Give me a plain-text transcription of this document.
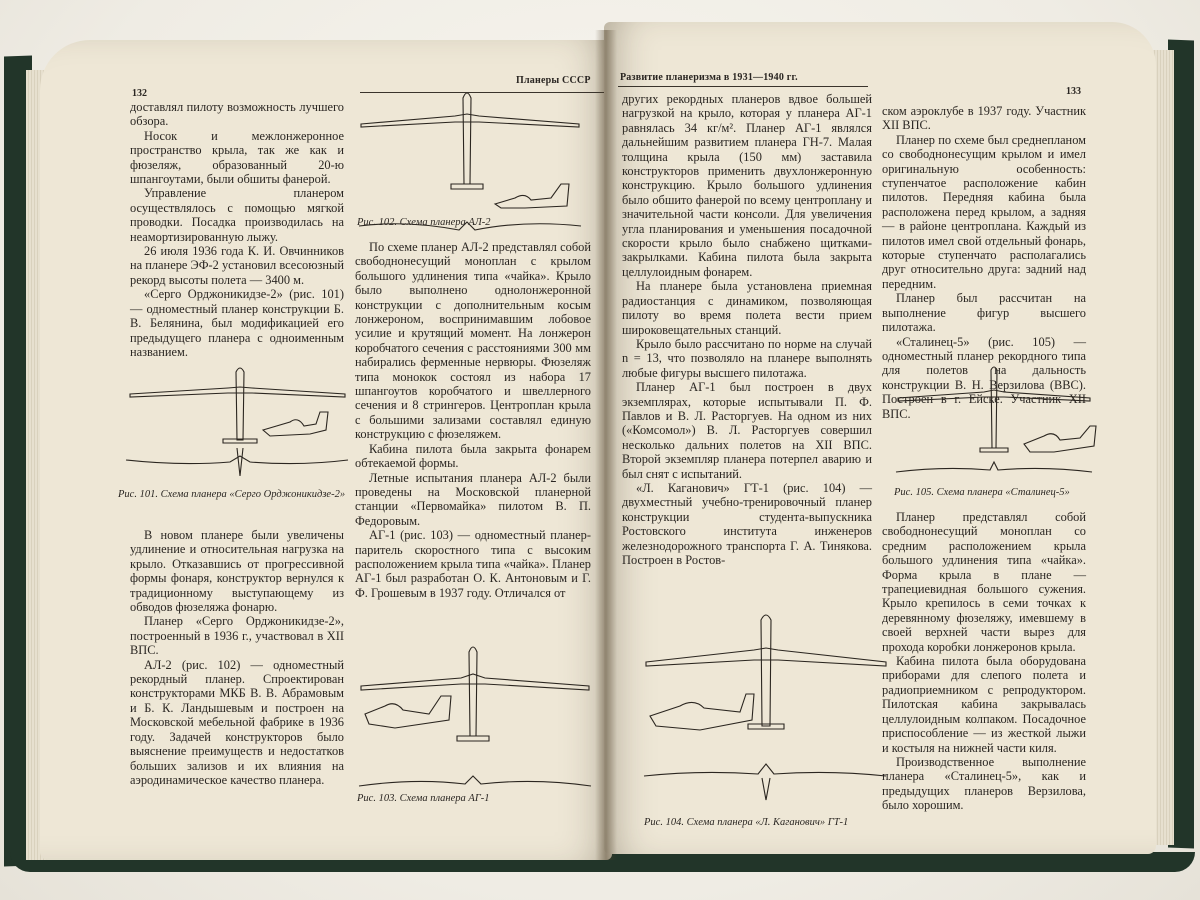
132
Планеры СССР

доставлял пилоту возможность лучшего обзора.

Носок и межлонжеронное пространство крыла, так же как и фюзеляж, образованный 20-ю шпангоутами, были обшиты фанерой.

Управление планером осуществлялось с помощью мягкой проводки. Посадка производилась на неамортизированную лыжу.

26 июля 1936 года К. И. Овчинников на планере ЭФ-2 установил всесоюзный рекорд высоты полета — 3400 м.

«Серго Орджоникидзе-2» (рис. 101) — одноместный планер конструкции Б. В. Белянина, был модификацией его предыдущего планера с одноименным названием.

Рис. 101. Схема планера «Серго Орджоникидзе-2»

В новом планере были увеличены удлинение и относительная нагрузка на крыло. Отказавшись от прогрессивной формы фонаря, конструктор вернулся к традиционному выступающему из обводов фюзеляжа фонарю.

Планер «Серго Орджоникидзе-2», построенный в 1936 г., участвовал в XII ВПС.

АЛ-2 (рис. 102) — одноместный рекордный планер. Спроектирован конструкторами МКБ В. В. Абрамовым и Б. К. Ландышевым и построен на Московской мебельной фабрике в 1936 году. Задачей конструкторов было выяснение преимуществ и недостатков больших зализов и их влияния на аэродинамическое качество планера.

Рис. 102. Схема планера АЛ-2

По схеме планер АЛ-2 представлял собой свободнонесущий моноплан с крылом большого удлинения типа «чайка». Крыло было выполнено однолонжеронной конструкции с дополнительным косым лонжероном, воспринимавшим лобовое усилие и крутящий момент. На лонжерон коробчатого сечения с расстояниями 300 мм набирались ферменные нервюры. Фюзеляж типа монокок состоял из набора 17 шпангоутов коробчатого и швеллерного сечения и 8 стрингеров. Центроплан крыла с большими зализами составлял единую конструкцию с фюзеляжем.

Кабина пилота была закрыта фонарем обтекаемой формы.

Летные испытания планера АЛ-2 были проведены на Московской планерной станции «Первомайка» пилотом В. П. Федоровым.

АГ-1 (рис. 103) — одноместный планер-паритель скоростного типа с высоким расположением крыла типа «чайка». Планер АГ-1 был разработан О. К. Антоновым и Г. Ф. Грошевым в 1937 году. Отличался от

Рис. 103. Схема планера АГ-1
Развитие планеризма в 1931—1940 гг.
133

других рекордных планеров вдвое большей нагрузкой на крыло, которая у планера АГ-1 равнялась 34 кг/м². Планер АГ-1 являлся дальнейшим развитием планера ГН-7. Малая толщина крыла (150 мм) заставила конструкторов применить двухлонжеронную конструкцию. Крыло большого удлинения было обшито фанерой по всему центроплану и значительной части консоли. Для увеличения угла планирования и уменьшения посадочной скорости крыло было снабжено щитками-закрылками. Кабина пилота была закрыта целлулоидным фонарем.

На планере была установлена приемная радиостанция с динамиком, позволяющая пилоту во время полета вести прием широковещательных станций.

Крыло было рассчитано по норме на случай n = 13, что позволяло на планере выполнять любые фигуры высшего пилотажа.

Планер АГ-1 был построен в двух экземплярах, которые испытывали П. Ф. Павлов и В. Л. Расторгуев. На одном из них («Комсомол») В. Л. Расторгуев совершил несколько дальних полетов на XII ВПС. Второй экземпляр планера потерпел аварию и был снят с испытаний.

«Л. Каганович» ГТ-1 (рис. 104) — двухместный учебно-тренировочный планер конструкции студента-выпускника Ростовского института инженеров железнодорожного транспорта Г. А. Тинякова. Построен в Ростов-

Рис. 104. Схема планера «Л. Каганович» ГТ-1

ском аэроклубе в 1937 году. Участник XII ВПС.

Планер по схеме был среднепланом со свободнонесущим крылом и имел оригинальную особенность: ступенчатое расположение кабин пилотов. Передняя кабина была расположена перед крылом, а задняя — в районе центроплана. Каждый из пилотов имел свой отдельный фонарь, которые ступенчато располагались друг относительно друга: задний над передним.

Планер был рассчитан на выполнение фигур высшего пилотажа.

«Сталинец-5» (рис. 105) — одноместный планер рекордного типа для полетов на дальность конструкции В. Н. Верзилова (ВВС). Построен в г. Ейске. Участник XII ВПС.

Рис. 105. Схема планера «Сталинец-5»

Планер представлял собой свободнонесущий моноплан со средним расположением крыла большого удлинения типа «чайка». Форма крыла в плане — трапециевидная большого сужения. Крыло крепилось в семи точках к деревянному фюзеляжу, имевшему в своей верхней части вырез для прохода коробки лонжеронов крыла.

Кабина пилота была оборудована приборами для слепого полета и радиоприемником с репродуктором. Пилотская кабина закрывалась целлулоидным колпаком. Посадочное приспособление — из жесткой лыжи и костыля на нижней части киля.

Производственное выполнение планера «Сталинец-5», как и предыдущих планеров Верзилова, было хорошим.
